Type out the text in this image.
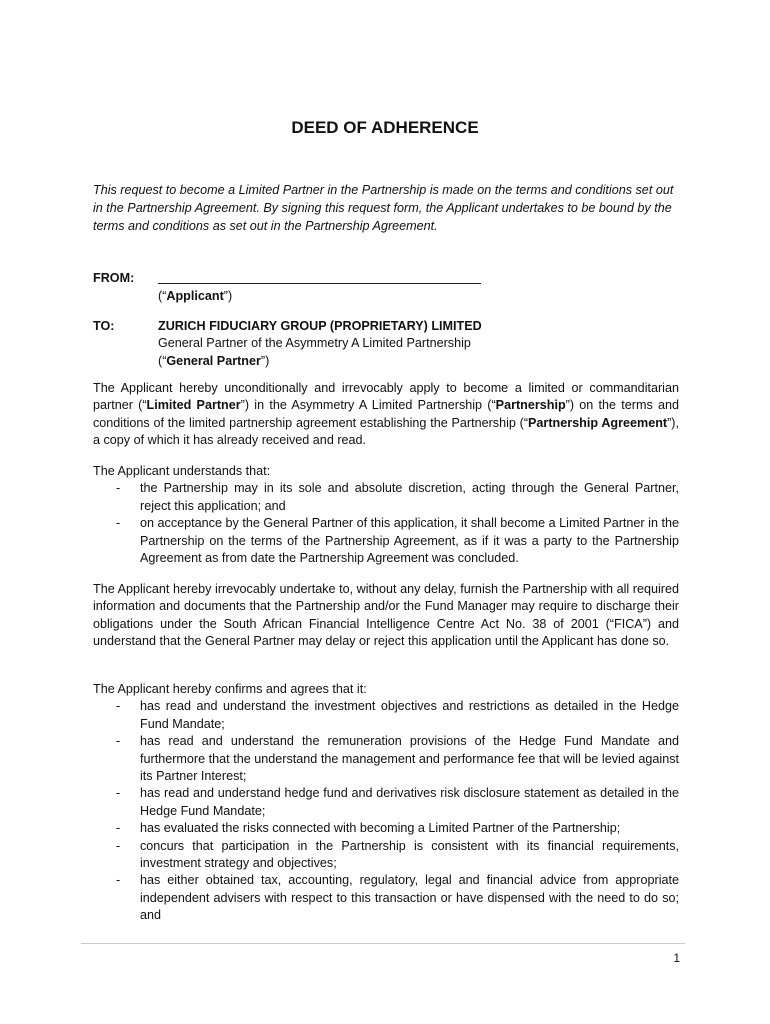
DEED OF ADHERENCE
This request to become a Limited Partner in the Partnership is made on the terms and conditions set out in the Partnership Agreement. By signing this request form, the Applicant undertakes to be bound by the terms and conditions as set out in the Partnership Agreement.
FROM:
(“Applicant”)
TO:	ZURICH FIDUCIARY GROUP (PROPRIETARY) LIMITED
General Partner of the Asymmetry A Limited Partnership
(“General Partner”)
The Applicant hereby unconditionally and irrevocably apply to become a limited or commanditarian partner (“Limited Partner”) in the Asymmetry A Limited Partnership (“Partnership”) on the terms and conditions of the limited partnership agreement establishing the Partnership (“Partnership Agreement”), a copy of which it has already received and read.
The Applicant understands that:
- the Partnership may in its sole and absolute discretion, acting through the General Partner, reject this application; and
- on acceptance by the General Partner of this application, it shall become a Limited Partner in the Partnership on the terms of the Partnership Agreement, as if it was a party to the Partnership Agreement as from date the Partnership Agreement was concluded.
The Applicant hereby irrevocably undertake to, without any delay, furnish the Partnership with all required information and documents that the Partnership and/or the Fund Manager may require to discharge their obligations under the South African Financial Intelligence Centre Act No. 38 of 2001 (“FICA”) and understand that the General Partner may delay or reject this application until the Applicant has done so.
The Applicant hereby confirms and agrees that it:
- has read and understand the investment objectives and restrictions as detailed in the Hedge Fund Mandate;
- has read and understand the remuneration provisions of the Hedge Fund Mandate and furthermore that the understand the management and performance fee that will be levied against its Partner Interest;
- has read and understand hedge fund and derivatives risk disclosure statement as detailed in the Hedge Fund Mandate;
- has evaluated the risks connected with becoming a Limited Partner of the Partnership;
- concurs that participation in the Partnership is consistent with its financial requirements, investment strategy and objectives;
- has either obtained tax, accounting, regulatory, legal and financial advice from appropriate independent advisers with respect to this transaction or have dispensed with the need to do so; and
1
